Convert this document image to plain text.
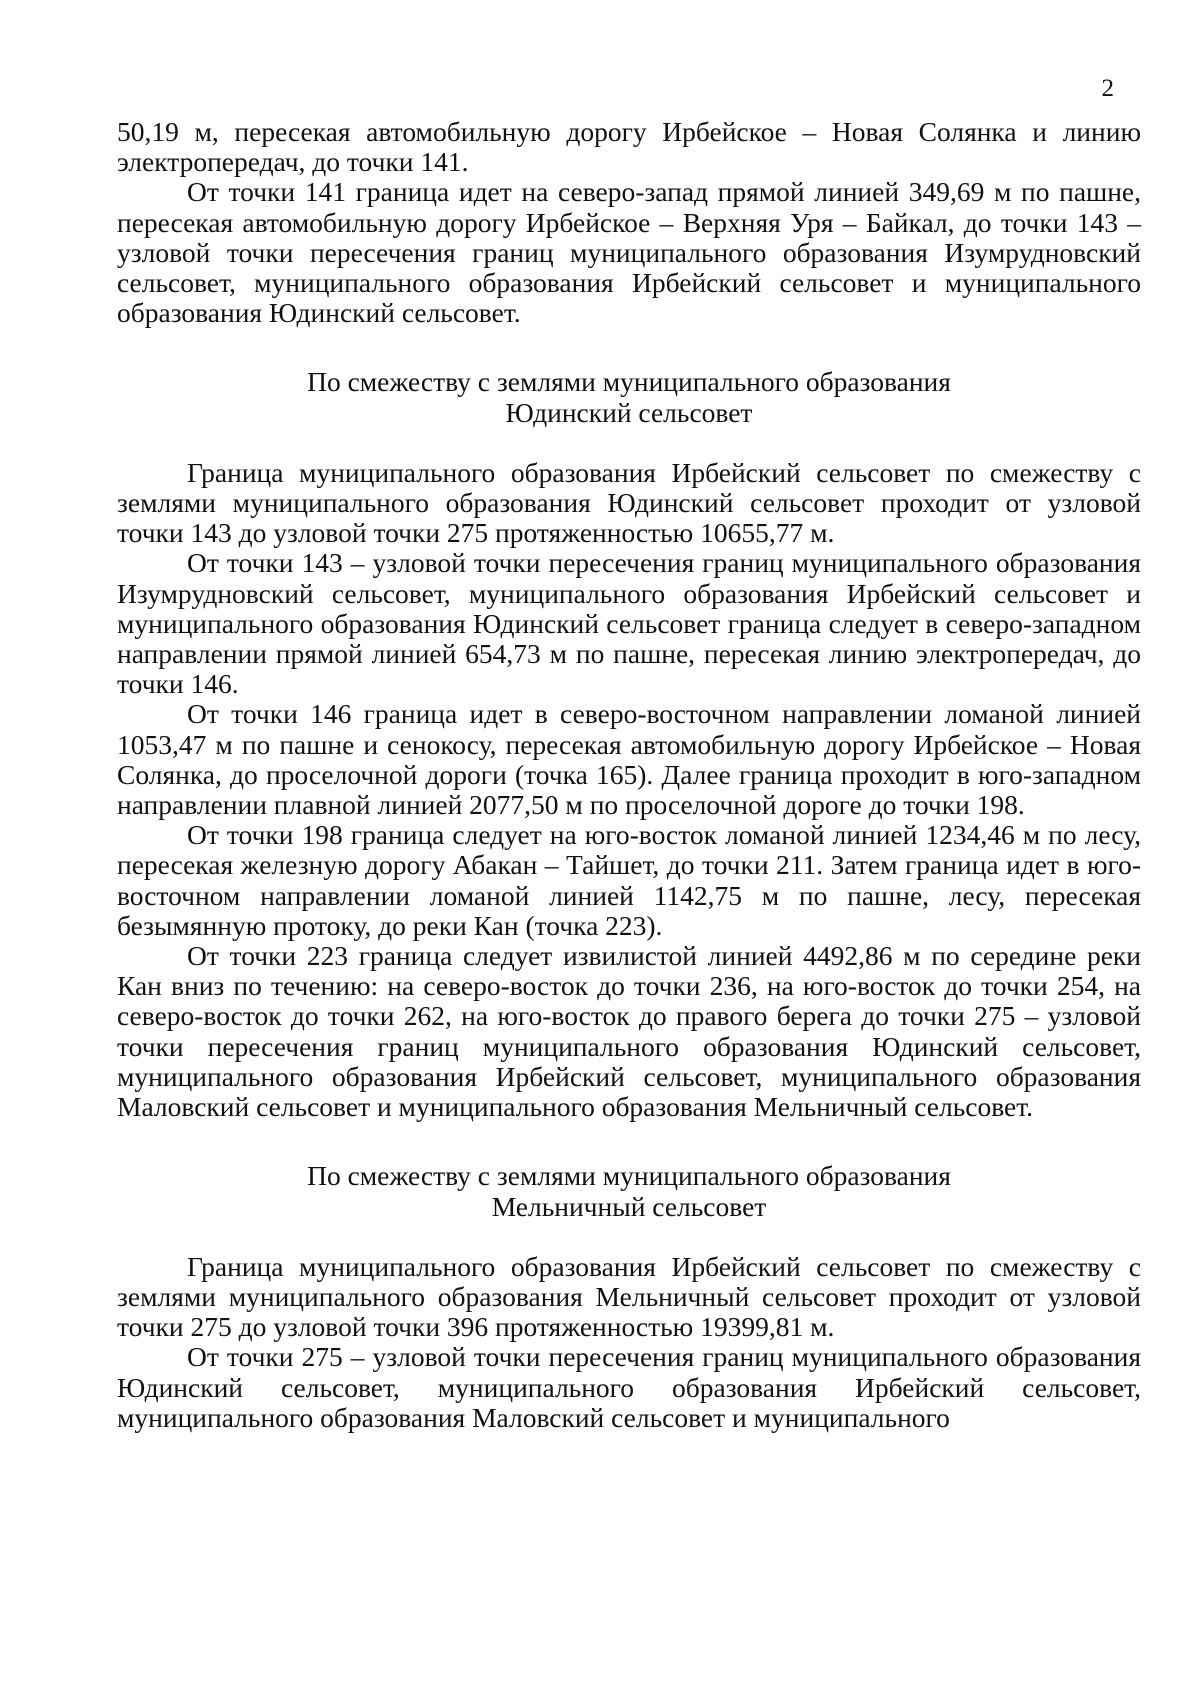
2

50,19 м, пересекая автомобильную дорогу Ирбейское – Новая Солянка и линию электропередач, до точки 141.

От точки 141 граница идет на северо-запад прямой линией 349,69 м по пашне, пересекая автомобильную дорогу Ирбейское – Верхняя Уря – Байкал, до точки 143 – узловой точки пересечения границ муниципального образования Изумрудновский сельсовет, муниципального образования Ирбейский сельсовет и муниципального образования Юдинский сельсовет.

По смежеству с землями муниципального образования

Юдинский сельсовет

Граница муниципального образования Ирбейский сельсовет по смежеству с землями муниципального образования Юдинский сельсовет проходит от узловой точки 143 до узловой точки 275 протяженностью 10655,77 м.

От точки 143 – узловой точки пересечения границ муниципального образования Изумрудновский сельсовет, муниципального образования Ирбейский сельсовет и муниципального образования Юдинский сельсовет граница следует в северо-западном направлении прямой линией 654,73 м по пашне, пересекая линию электропередач, до точки 146.

От точки 146 граница идет в северо-восточном направлении ломаной линией 1053,47 м по пашне и сенокосу, пересекая автомобильную дорогу Ирбейское – Новая Солянка, до проселочной дороги (точка 165). Далее граница проходит в юго-западном направлении плавной линией 2077,50 м по проселочной дороге до точки 198.

От точки 198 граница следует на юго-восток ломаной линией 1234,46 м по лесу, пересекая железную дорогу Абакан – Тайшет, до точки 211. Затем граница идет в юго-восточном направлении ломаной линией 1142,75 м по пашне, лесу, пересекая безымянную протоку, до реки Кан (точка 223).

От точки 223 граница следует извилистой линией 4492,86 м по середине реки Кан вниз по течению: на северо-восток до точки 236, на юго-восток до точки 254, на северо-восток до точки 262, на юго-восток до правого берега до точки 275 – узловой точки пересечения границ муниципального образования Юдинский сельсовет, муниципального образования Ирбейский сельсовет, муниципального образования Маловский сельсовет и муниципального образования Мельничный сельсовет.

По смежеству с землями муниципального образования

Мельничный сельсовет

Граница муниципального образования Ирбейский сельсовет по смежеству с землями муниципального образования Мельничный сельсовет проходит от узловой точки 275 до узловой точки 396 протяженностью 19399,81 м.

От точки 275 – узловой точки пересечения границ муниципального образования Юдинский сельсовет, муниципального образования Ирбейский сельсовет, муниципального образования Маловский сельсовет и муниципального
